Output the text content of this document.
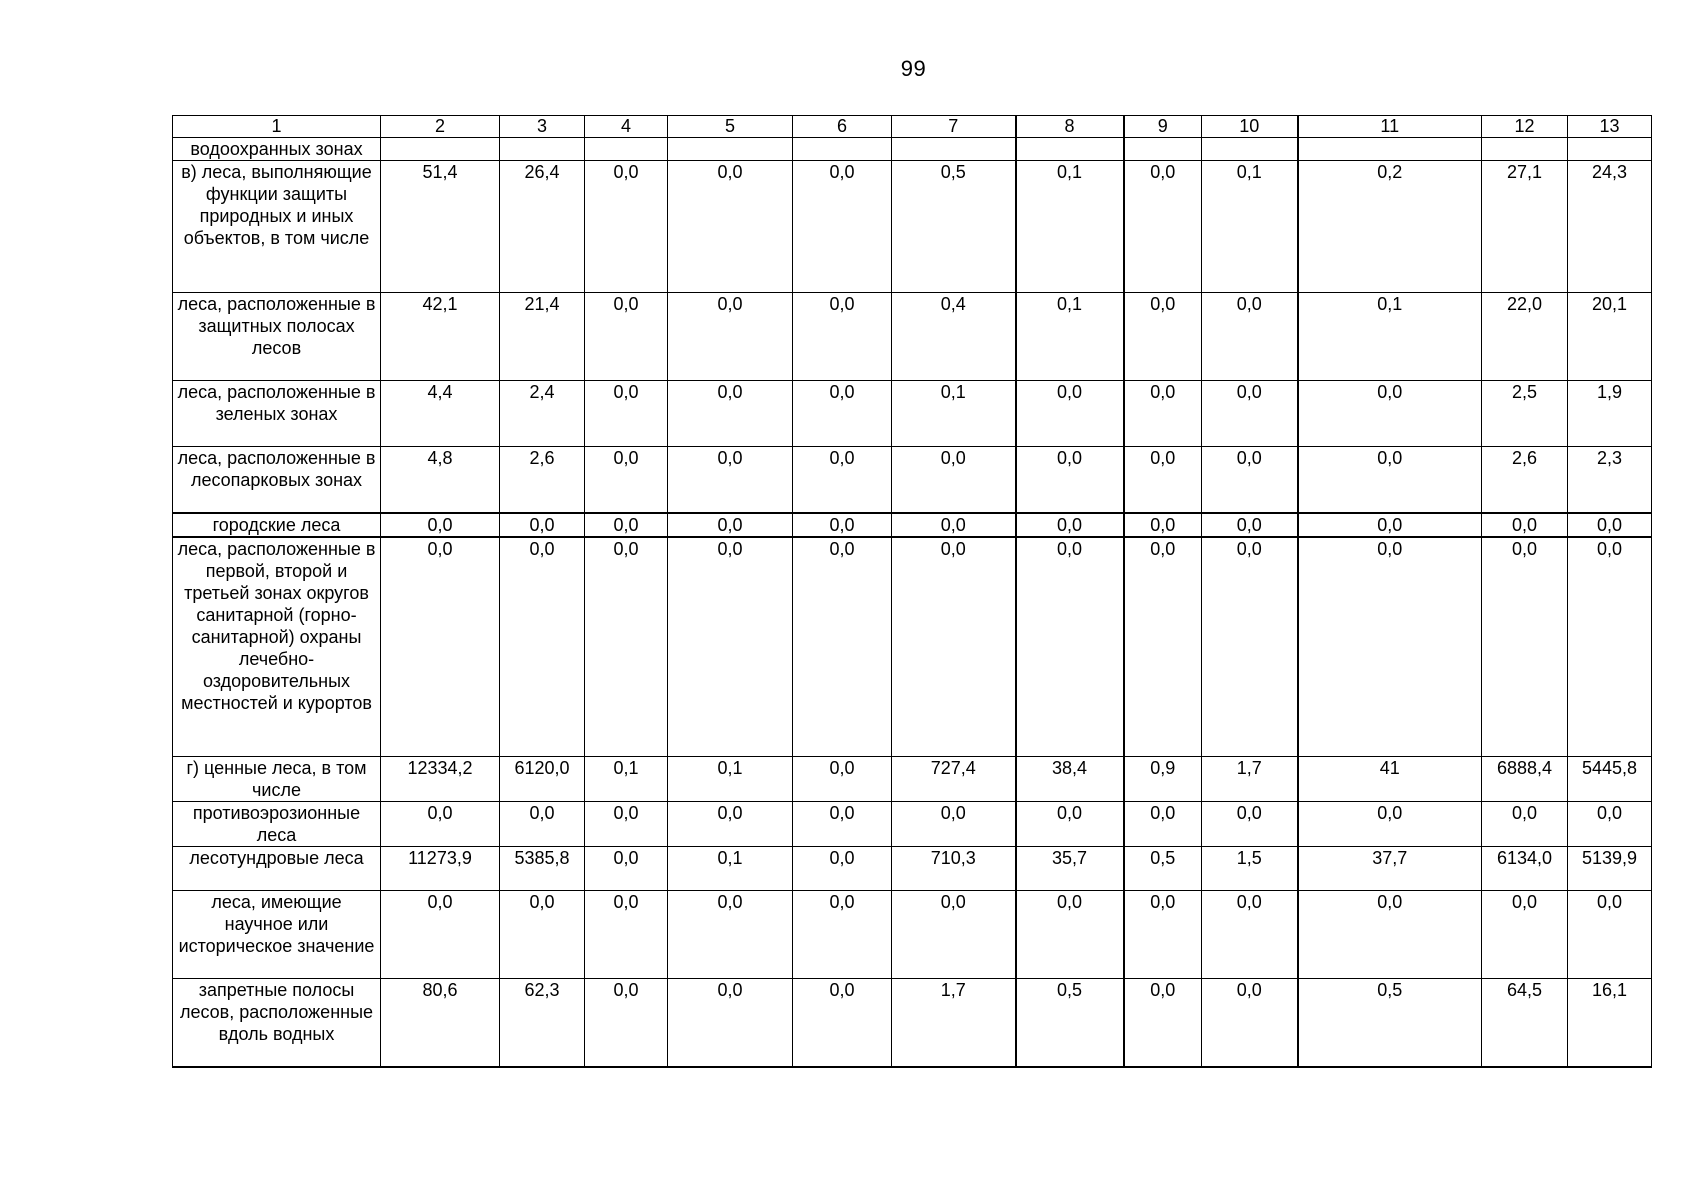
99
1	2	3	4	5	6	7	8	9	10	11	12	13
водоохранных зонах												
в) леса, выполняющие функции защиты природных и иных объектов, в том числе	51,4	26,4	0,0	0,0	0,0	0,5	0,1	0,0	0,1	0,2	27,1	24,3
леса, расположенные в защитных полосах лесов	42,1	21,4	0,0	0,0	0,0	0,4	0,1	0,0	0,0	0,1	22,0	20,1
леса, расположенные в зеленых зонах	4,4	2,4	0,0	0,0	0,0	0,1	0,0	0,0	0,0	0,0	2,5	1,9
леса, расположенные в лесопарковых зонах	4,8	2,6	0,0	0,0	0,0	0,0	0,0	0,0	0,0	0,0	2,6	2,3
городские леса	0,0	0,0	0,0	0,0	0,0	0,0	0,0	0,0	0,0	0,0	0,0	0,0
леса, расположенные в первой, второй и третьей зонах округов санитарной (горно-санитарной) охраны лечебно-оздоровительных местностей и курортов	0,0	0,0	0,0	0,0	0,0	0,0	0,0	0,0	0,0	0,0	0,0	0,0
г) ценные леса, в том числе	12334,2	6120,0	0,1	0,1	0,0	727,4	38,4	0,9	1,7	41	6888,4	5445,8
противоэрозионные леса	0,0	0,0	0,0	0,0	0,0	0,0	0,0	0,0	0,0	0,0	0,0	0,0
лесотундровые леса	11273,9	5385,8	0,0	0,1	0,0	710,3	35,7	0,5	1,5	37,7	6134,0	5139,9
леса, имеющие научное или историческое значение	0,0	0,0	0,0	0,0	0,0	0,0	0,0	0,0	0,0	0,0	0,0	0,0
запретные полосы лесов, расположенные вдоль водных	80,6	62,3	0,0	0,0	0,0	1,7	0,5	0,0	0,0	0,5	64,5	16,1
